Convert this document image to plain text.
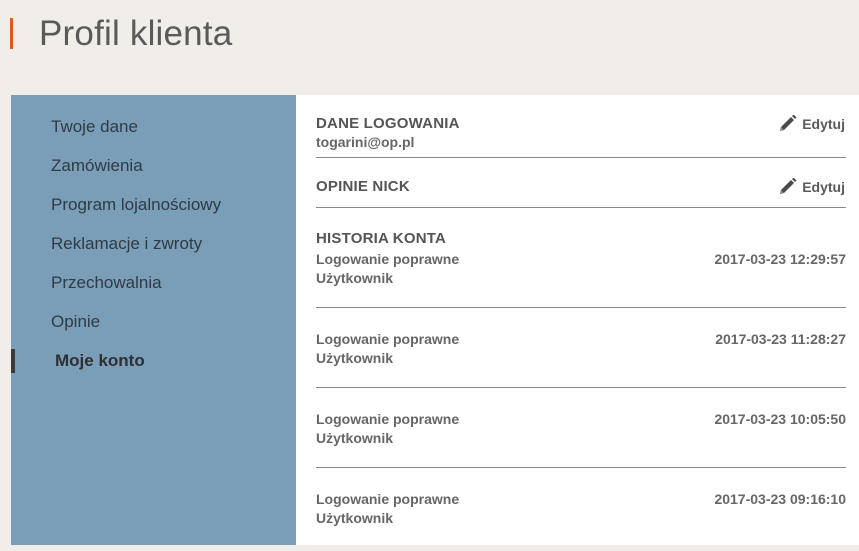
Profil klienta
Twoje dane
Zamówienia
Program lojalnościowy
Reklamacje i zwroty
Przechowalnia
Opinie
Moje konto
DANE LOGOWANIA
togarini@op.pl
Edytuj
OPINIE NICK	Edytuj
HISTORIA KONTA
Logowanie poprawne
Użytkownik
2017-03-23 12:29:57
Logowanie poprawne
Użytkownik
2017-03-23 11:28:27
Logowanie poprawne
Użytkownik
2017-03-23 10:05:50
Logowanie poprawne
Użytkownik
2017-03-23 09:16:10
